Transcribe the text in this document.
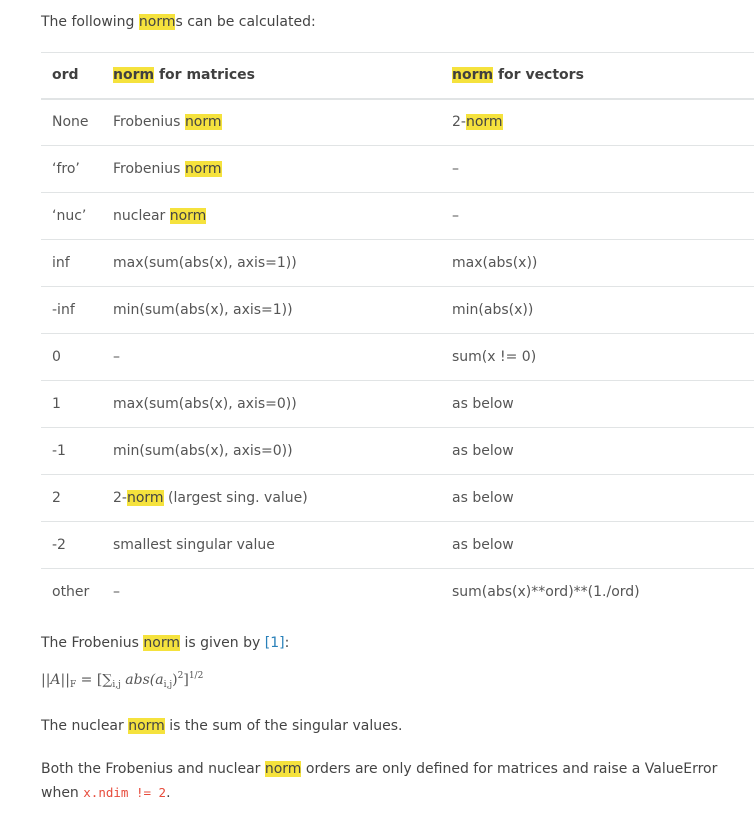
The following norms can be calculated:

ord	norm for matrices	norm for vectors
None	Frobenius norm	2-norm
‘fro’	Frobenius norm	–
‘nuc’	nuclear norm	–
inf	max(sum(abs(x), axis=1))	max(abs(x))
-inf	min(sum(abs(x), axis=1))	min(abs(x))
0	–	sum(x != 0)
1	max(sum(abs(x), axis=0))	as below
-1	min(sum(abs(x), axis=0))	as below
2	2-norm (largest sing. value)	as below
-2	smallest singular value	as below
other	–	sum(abs(x)**ord)**(1./ord)

The Frobenius norm is given by [1]:

$||A||_F = [\sum_{i,j}$ $abs(a_{i,j})^2]^{1/2}$

The nuclear norm is the sum of the singular values.

Both the Frobenius and nuclear norm orders are only defined for matrices and raise a ValueError when x.ndim != 2.
